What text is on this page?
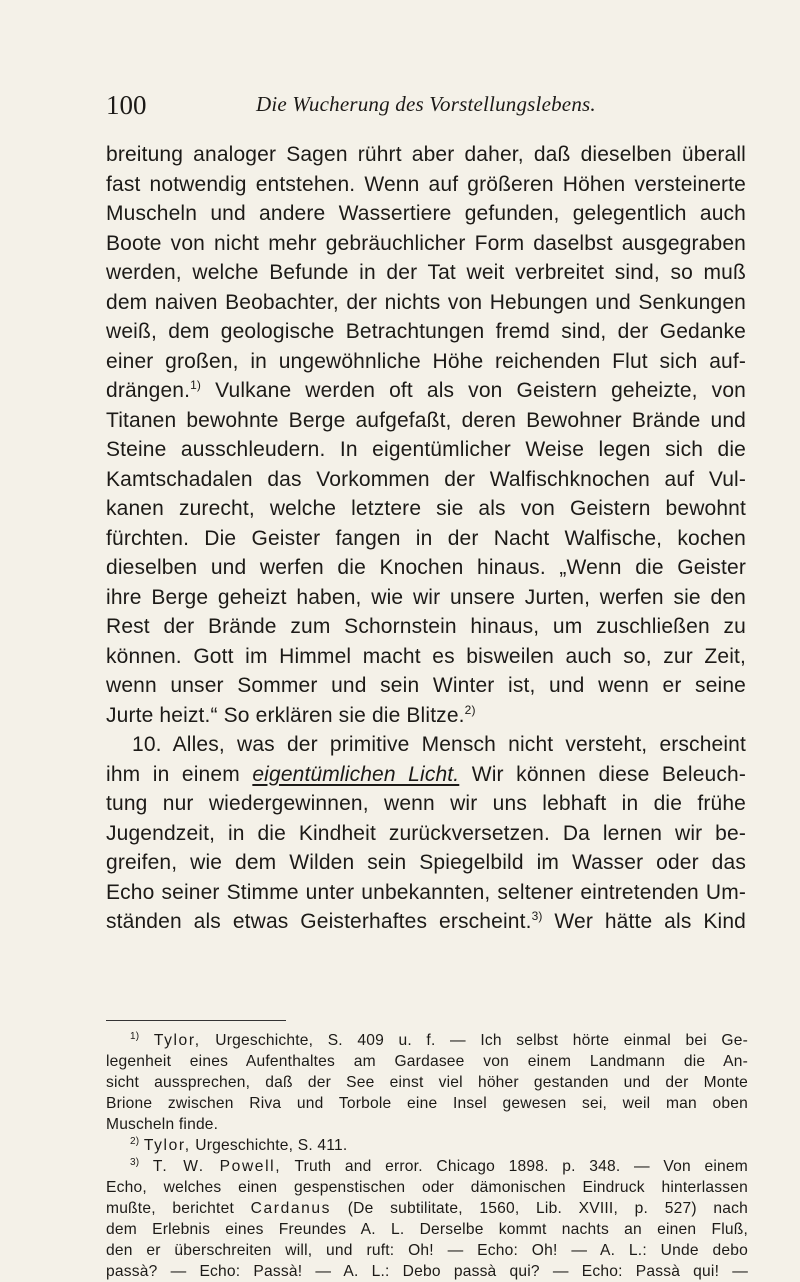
100	Die Wucherung des Vorstellungslebens.
breitung analoger Sagen rührt aber daher, daß dieselben überall
fast notwendig entstehen. Wenn auf größeren Höhen versteinerte
Muscheln und andere Wassertiere gefunden, gelegentlich auch
Boote von nicht mehr gebräuchlicher Form daselbst ausgegraben
werden, welche Befunde in der Tat weit verbreitet sind, so muß
dem naiven Beobachter, der nichts von Hebungen und Senkungen
weiß, dem geologische Betrachtungen fremd sind, der Gedanke
einer großen, in ungewöhnliche Höhe reichenden Flut sich auf-
drängen.$^{1)}$ Vulkane werden oft als von Geistern geheizte, von
Titanen bewohnte Berge aufgefaßt, deren Bewohner Brände und
Steine ausschleudern. In eigentümlicher Weise legen sich die
Kamtschadalen das Vorkommen der Walfischknochen auf Vul-
kanen zurecht, welche letztere sie als von Geistern bewohnt
fürchten. Die Geister fangen in der Nacht Walfische, kochen
dieselben und werfen die Knochen hinaus. „Wenn die Geister
ihre Berge geheizt haben, wie wir unsere Jurten, werfen sie den
Rest der Brände zum Schornstein hinaus, um zuschließen zu
können. Gott im Himmel macht es bisweilen auch so, zur Zeit,
wenn unser Sommer und sein Winter ist, und wenn er seine
Jurte heizt.“ So erklären sie die Blitze.$^{2)}$
10. Alles, was der primitive Mensch nicht versteht, erscheint
ihm in einem eigentümlichen Licht. Wir können diese Beleuch-
tung nur wiedergewinnen, wenn wir uns lebhaft in die frühe
Jugendzeit, in die Kindheit zurückversetzen. Da lernen wir be-
greifen, wie dem Wilden sein Spiegelbild im Wasser oder das
Echo seiner Stimme unter unbekannten, seltener eintretenden Um-
ständen als etwas Geisterhaftes erscheint.$^{3)}$ Wer hätte als Kind
$^{1)}$ Tylor, Urgeschichte, S. 409 u. f. — Ich selbst hörte einmal bei Ge-
legenheit eines Aufenthaltes am Gardasee von einem Landmann die An-
sicht aussprechen, daß der See einst viel höher gestanden und der Monte
Brione zwischen Riva und Torbole eine Insel gewesen sei, weil man oben
Muscheln finde.
$^{2)}$ Tylor, Urgeschichte, S. 411.
$^{3)}$ T. W. Powell, Truth and error. Chicago 1898. p. 348. — Von einem
Echo, welches einen gespenstischen oder dämonischen Eindruck hinterlassen
mußte, berichtet Cardanus (De subtilitate, 1560, Lib. XVIII, p. 527) nach
dem Erlebnis eines Freundes A. L. Derselbe kommt nachts an einen Fluß,
den er überschreiten will, und ruft: Oh! — Echo: Oh! — A. L.: Unde debo
passà? — Echo: Passà! — A. L.: Debo passà qui? — Echo: Passà qui! —
